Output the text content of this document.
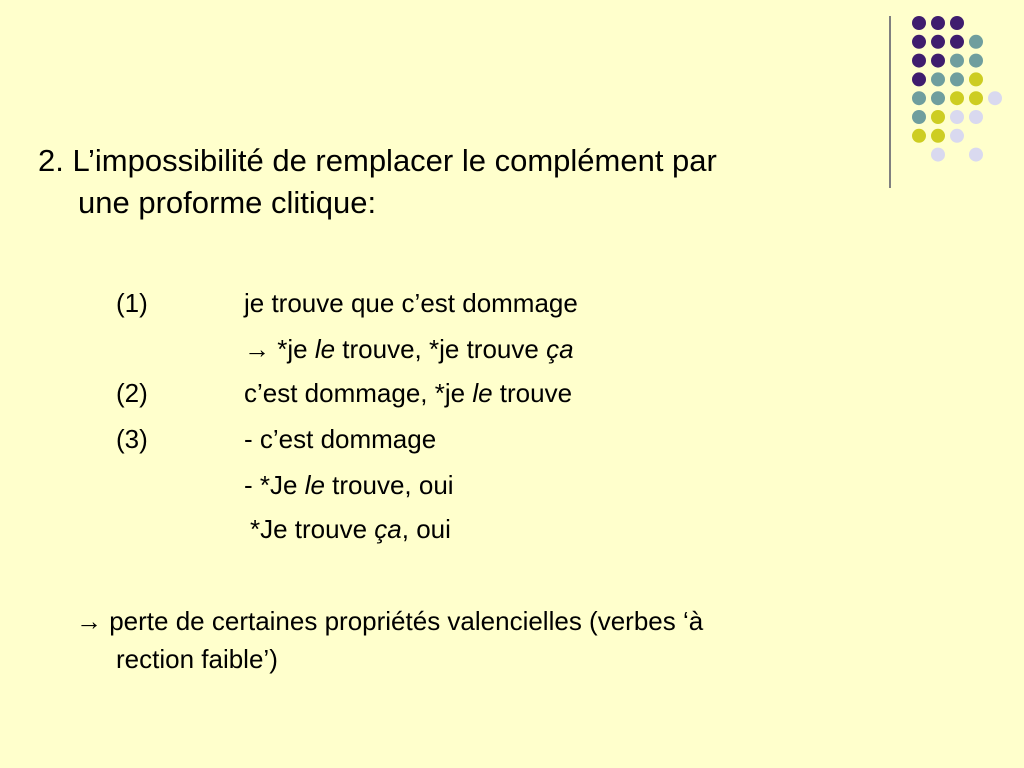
2. L’impossibilité de remplacer le complément par
une proforme clitique:
(1)	je trouve que c’est dommage
→ *je le trouve, *je trouve ça
(2)	c’est dommage, *je le trouve
(3)	- c’est dommage
- *Je le trouve, oui
*Je trouve ça, oui
→ perte de certaines propriétés valencielles (verbes ‘à
rection faible’)
